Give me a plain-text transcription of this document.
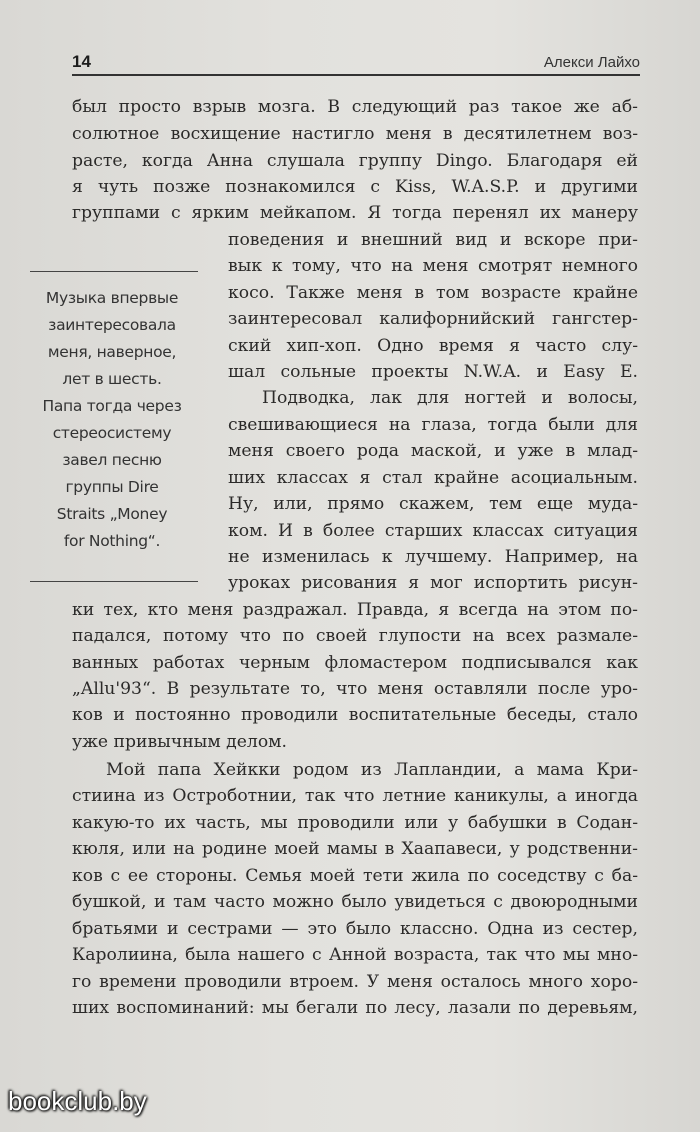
14	Алекси Лайхо
был просто взрыв мозга. В следующий раз такое же аб-
солютное восхищение настигло меня в десятилетнем воз-
расте, когда Анна слушала группу Dingo. Благодаря ей
я чуть позже познакомился с Kiss, W.A.S.P. и другими
группами с ярким мейкапом. Я тогда перенял их манеру
поведения и внешний вид и вскоре при-
вык к тому, что на меня смотрят немного
косо. Также меня в том возрасте крайне
заинтересовал калифорнийский гангстер-
ский хип-хоп. Одно время я часто слу-
шал сольные проекты N.W.A. и Easy E.
Подводка, лак для ногтей и волосы,
свешивающиеся на глаза, тогда были для
меня своего рода маской, и уже в млад-
ших классах я стал крайне асоциальным.
Ну, или, прямо скажем, тем еще муда-
ком. И в более старших классах ситуация
не изменилась к лучшему. Например, на
уроках рисования я мог испортить рисун-
ки тех, кто меня раздражал. Правда, я всегда на этом по-
падался, потому что по своей глупости на всех размале-
ванных работах черным фломастером подписывался как
„Allu'93“. В результате то, что меня оставляли после уро-
ков и постоянно проводили воспитательные беседы, стало
уже привычным делом.
Мой папа Хейкки родом из Лапландии, а мама Кри-
стиина из Остроботнии, так что летние каникулы, а иногда
какую-то их часть, мы проводили или у бабушки в Содан-
кюля, или на родине моей мамы в Хаапавеси, у родственни-
ков с ее стороны. Семья моей тети жила по соседству с ба-
бушкой, и там часто можно было увидеться с двоюродными
братьями и сестрами — это было классно. Одна из сестер,
Каролиина, была нашего с Анной возраста, так что мы мно-
го времени проводили втроем. У меня осталось много хоро-
ших воспоминаний: мы бегали по лесу, лазали по деревьям,
Музыка впервые
заинтересовала
меня, наверное,
лет в шесть.
Папа тогда через
стереосистему
завел песню
группы Dire
Straits „Money
for Nothing“.
bookclub.by
